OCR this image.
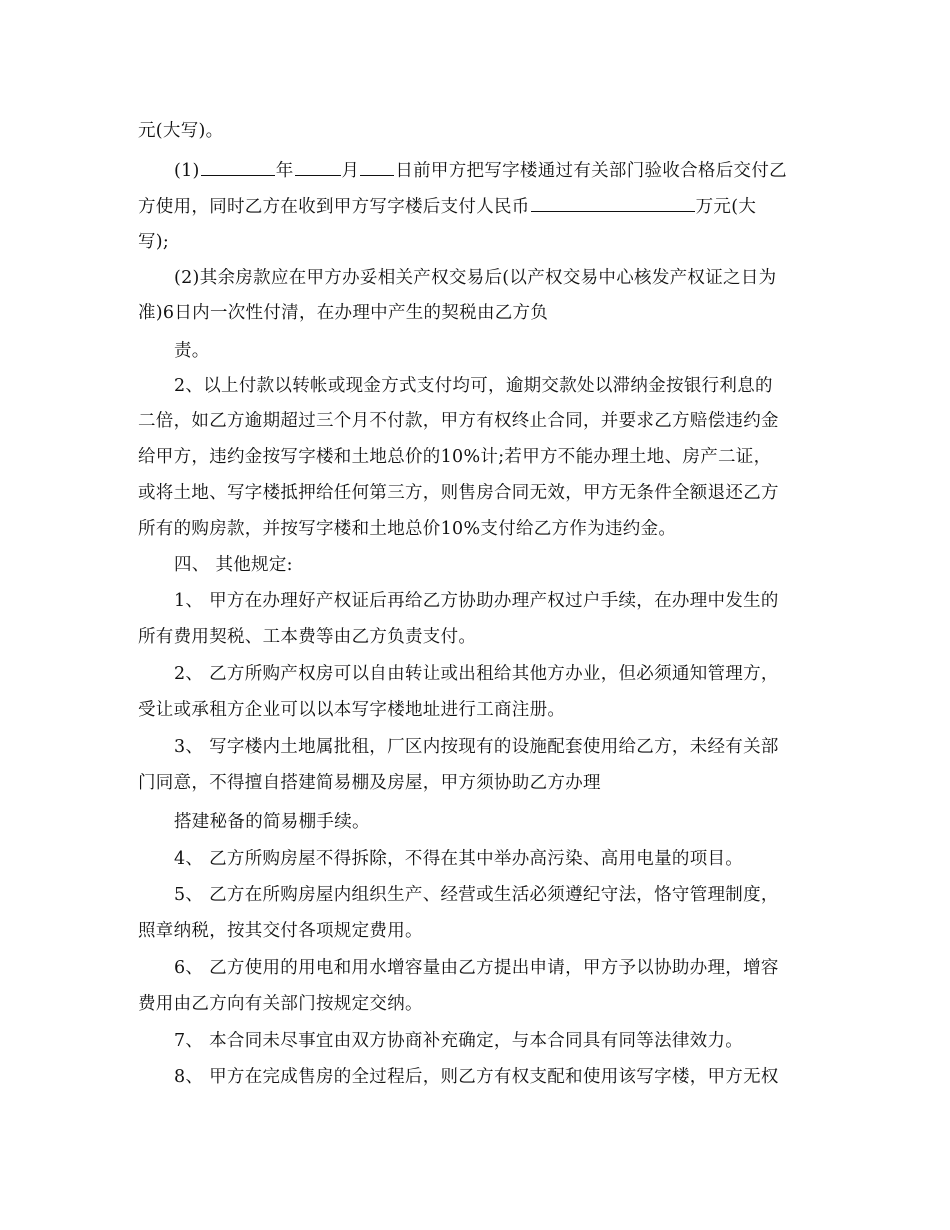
元(大写)。
(1)	年	月 日前甲方把写字楼通过有关部门验收合格后交付乙
方使用，同时乙方在收到甲方写字楼后支付人民币	万元(大
写);
(2)其余房款应在甲方办妥相关产权交易后(以产权交易中心核发产权证之日为
准)6日内一次性付清，在办理中产生的契税由乙方负
责。
2、以上付款以转帐或现金方式支付均可，逾期交款处以滞纳金按银行利息的
二倍，如乙方逾期超过三个月不付款，甲方有权终止合同，并要求乙方赔偿违约金
给甲方，违约金按写字楼和土地总价的10%计;若甲方不能办理土地、房产二证，
或将土地、写字楼抵押给任何第三方，则售房合同无效，甲方无条件全额退还乙方
所有的购房款，并按写字楼和土地总价10%支付给乙方作为违约金。
四、 其他规定:
1、 甲方在办理好产权证后再给乙方协助办理产权过户手续，在办理中发生的
所有费用契税、工本费等由乙方负责支付。
2、 乙方所购产权房可以自由转让或出租给其他方办业，但必须通知管理方，
受让或承租方企业可以以本写字楼地址进行工商注册。
3、 写字楼内土地属批租，厂区内按现有的设施配套使用给乙方，未经有关部
门同意，不得擅自搭建简易棚及房屋，甲方须协助乙方办理
搭建秘备的简易棚手续。
4、 乙方所购房屋不得拆除，不得在其中举办高污染、高用电量的项目。
5、 乙方在所购房屋内组织生产、经营或生活必须遵纪守法，恪守管理制度，
照章纳税，按其交付各项规定费用。
6、 乙方使用的用电和用水增容量由乙方提出申请，甲方予以协助办理，增容
费用由乙方向有关部门按规定交纳。
7、 本合同未尽事宜由双方协商补充确定，与本合同具有同等法律效力。
8、 甲方在完成售房的全过程后，则乙方有权支配和使用该写字楼，甲方无权
